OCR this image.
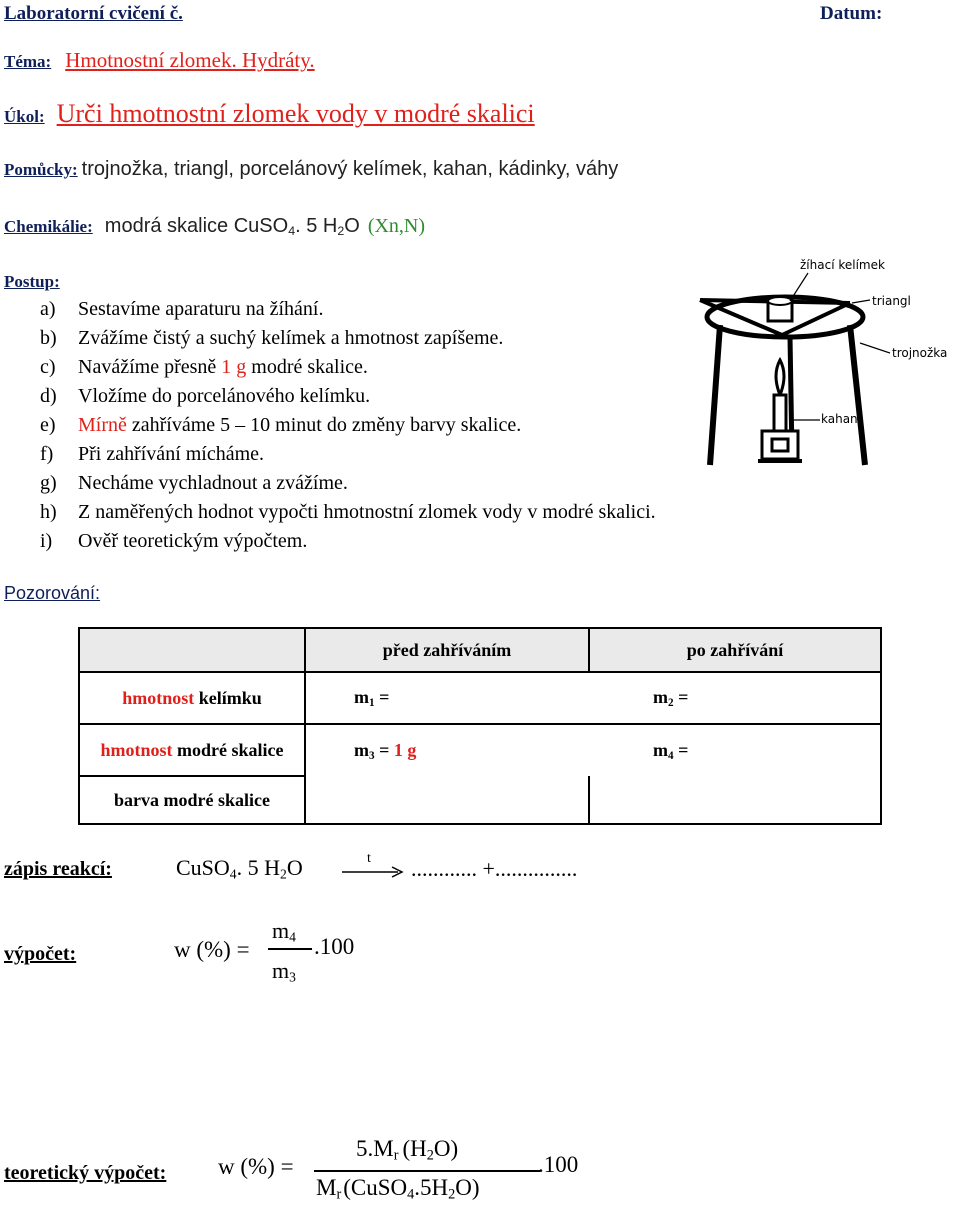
Laboratorní cvičení č.	Datum:
Téma: Hmotnostní zlomek. Hydráty.
Úkol: Urči hmotnostní zlomek vody v modré skalici
Pomůcky: trojnožka, triangl, porcelánový kelímek, kahan, kádinky, váhy
Chemikálie: modrá skalice CuSO$_4$. 5 $H_2O$ (Xn,N)
Postup:
a) Sestavíme aparaturu na žíhání.
b) Zvážíme čistý a suchý kelímek a hmotnost zapíšeme.
c) Navážíme přesně 1 g modré skalice.
d) Vložíme do porcelánového kelímku.
e) Mírně zahříváme 5 – 10 minut do změny barvy skalice.
f) Při zahřívání mícháme.
g) Necháme vychladnout a zvážíme.
h) Z naměřených hodnot vypočti hmotnostní zlomek vody v modré skalici.
i) Ověř teoretickým výpočtem.
žíhací kelímek
triangl
trojnožka
kahan
Pozorování:
	před zahříváním	po zahřívání
hmotnost kelímku	$m_1$ =	$m_2$ =
hmotnost modré skalice	$m_3 = 1$ g	$m_4$ =
barva modré skalice		
zápis reakcí:	CuSO$_4$. 5 $H_2O$	t ............ +...............
výpočet:	w (%) =
$m_4$
$m_3$
.100
teoretický výpočet: w (%) =
$5.M_r$ $(H_2O)$
$M_r(CuSO_4.5H_2O)$
.100
